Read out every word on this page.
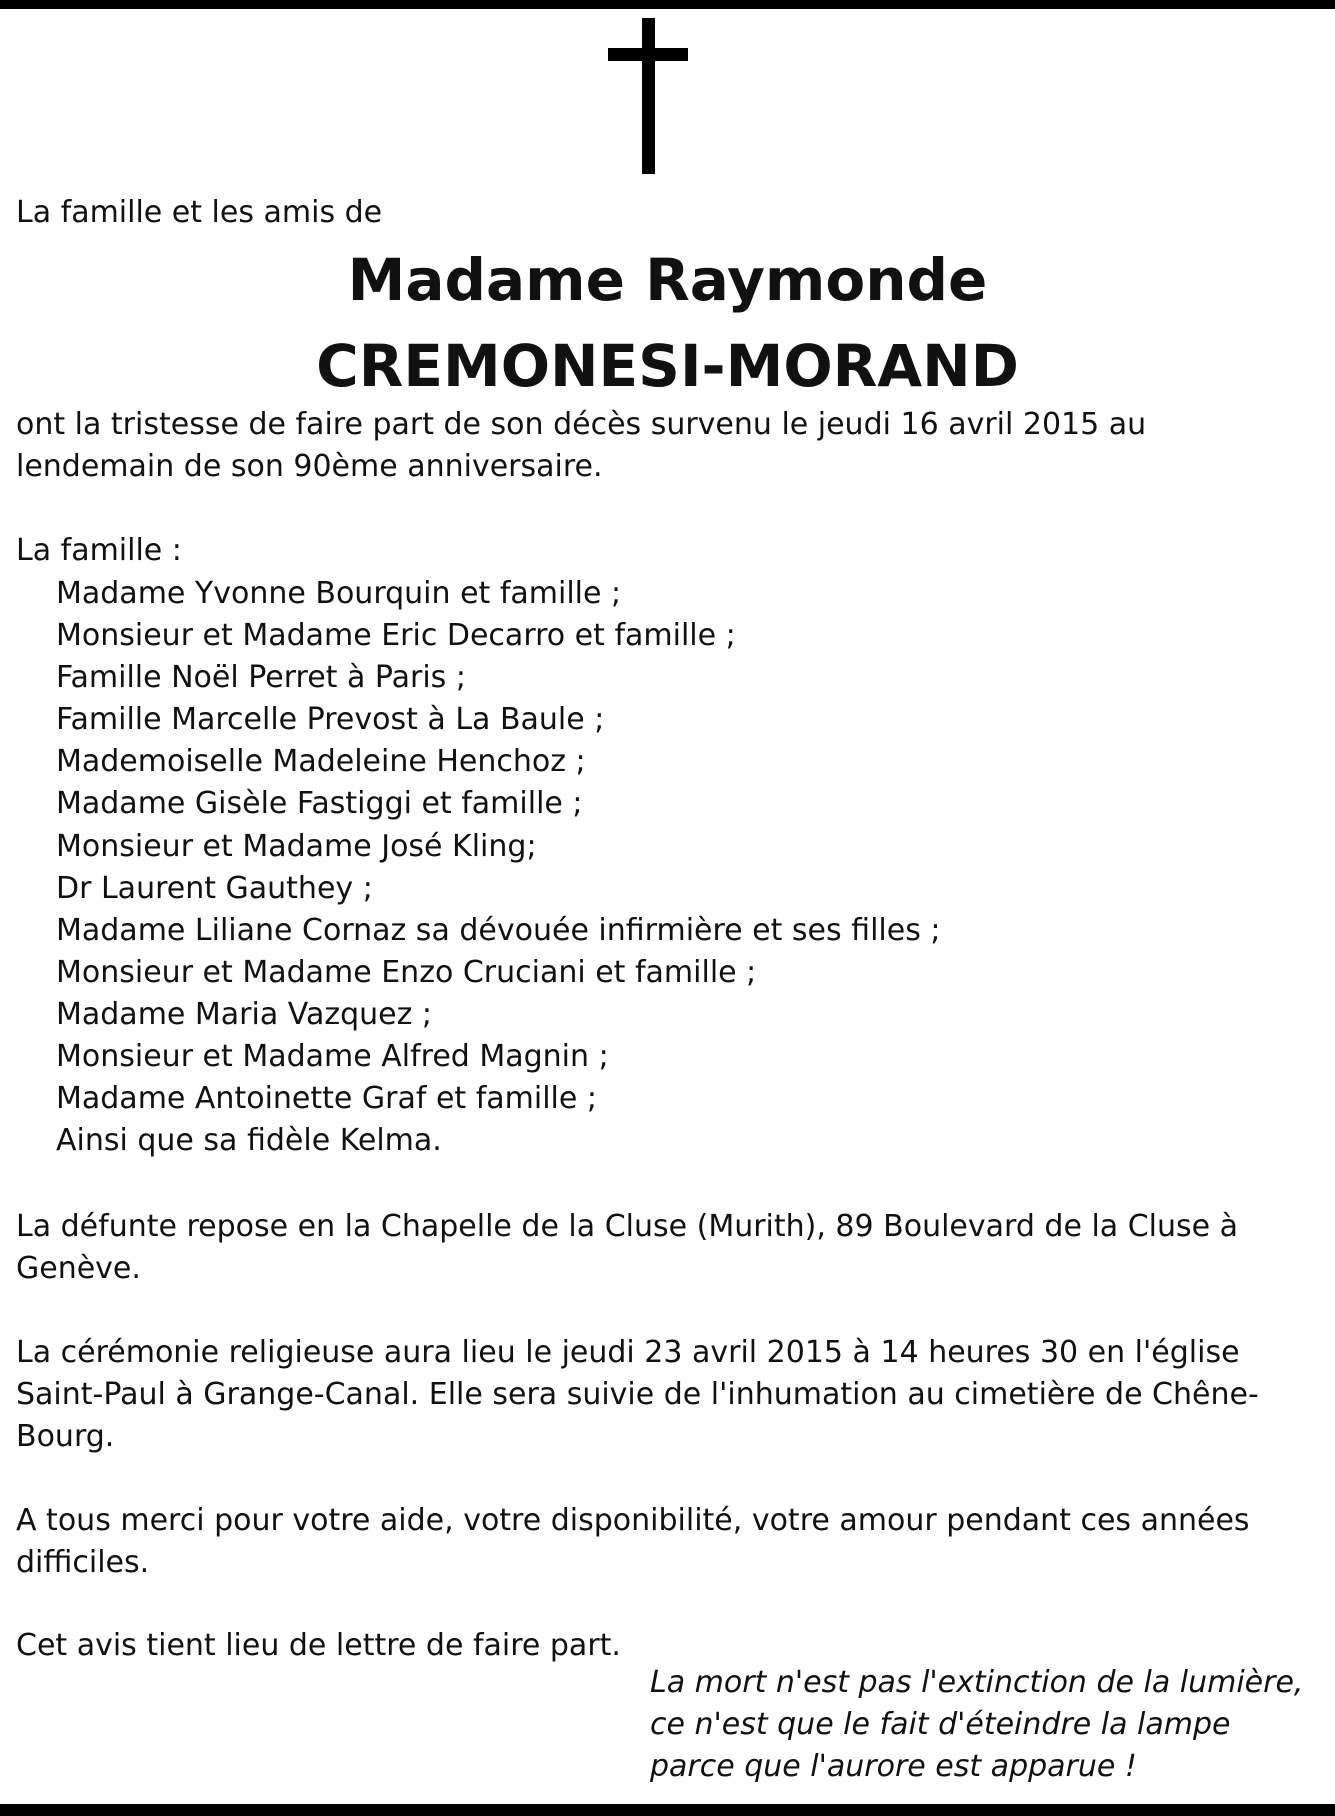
La famille et les amis de
Madame Raymonde
CREMONESI-MORAND
ont la tristesse de faire part de son décès survenu le jeudi 16 avril 2015 au
lendemain de son 90ème anniversaire.
La famille :
Madame Yvonne Bourquin et famille ;
Monsieur et Madame Eric Decarro et famille ;
Famille Noël Perret à Paris ;
Famille Marcelle Prevost à La Baule ;
Mademoiselle Madeleine Henchoz ;
Madame Gisèle Fastiggi et famille ;
Monsieur et Madame José Kling;
Dr Laurent Gauthey ;
Madame Liliane Cornaz sa dévouée infirmière et ses filles ;
Monsieur et Madame Enzo Cruciani et famille ;
Madame Maria Vazquez ;
Monsieur et Madame Alfred Magnin ;
Madame Antoinette Graf et famille ;
Ainsi que sa fidèle Kelma.
La défunte repose en la Chapelle de la Cluse (Murith), 89 Boulevard de la Cluse à
Genève.
La cérémonie religieuse aura lieu le jeudi 23 avril 2015 à 14 heures 30 en l'église
Saint-Paul à Grange-Canal. Elle sera suivie de l'inhumation au cimetière de Chêne-
Bourg.
A tous merci pour votre aide, votre disponibilité, votre amour pendant ces années
difficiles.
Cet avis tient lieu de lettre de faire part.
La mort n'est pas l'extinction de la lumière,
ce n'est que le fait d'éteindre la lampe
parce que l'aurore est apparue !
